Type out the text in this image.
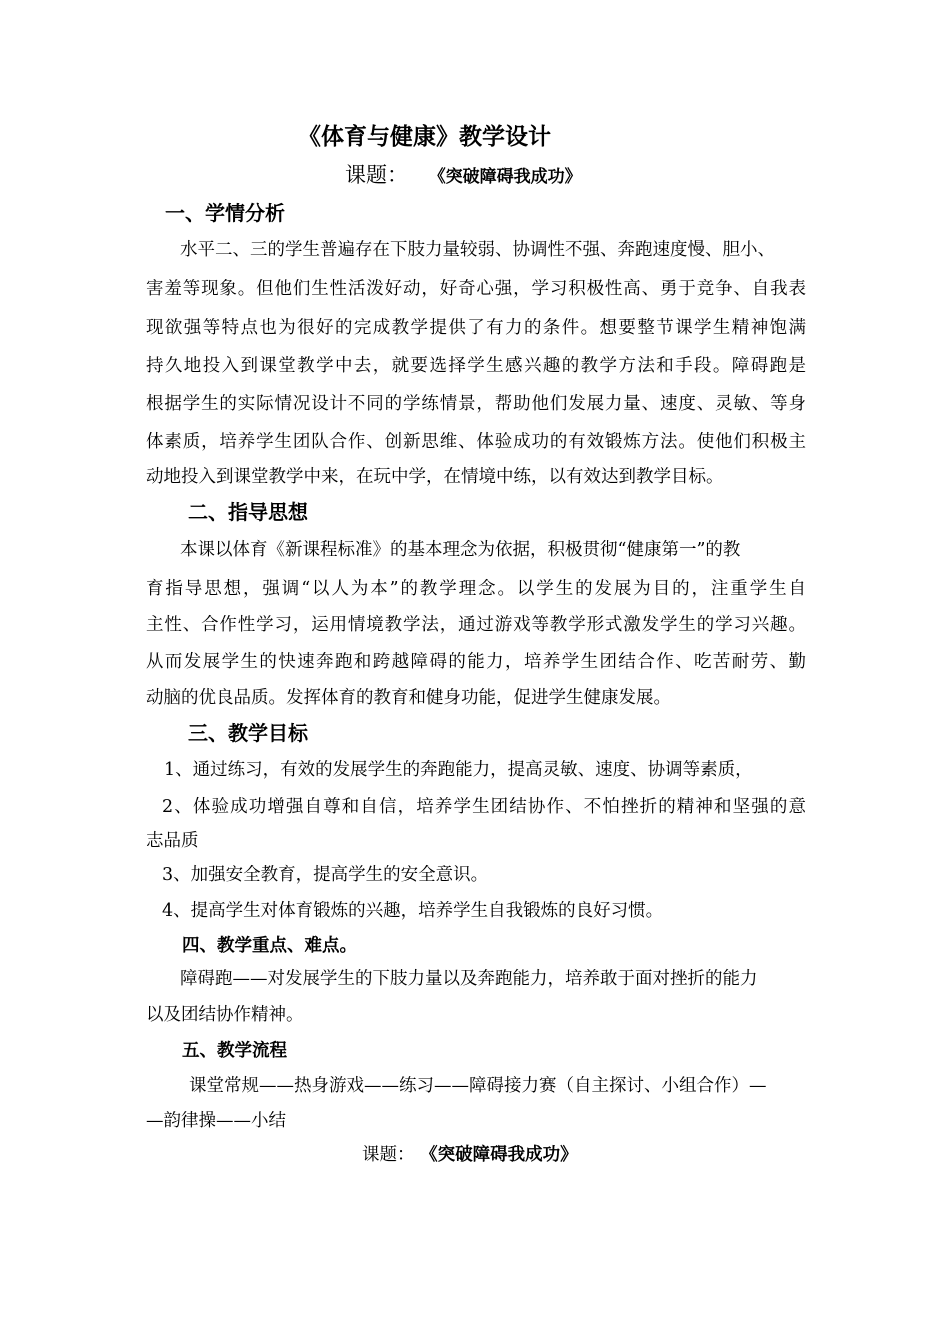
《体育与健康》教学设计
课题： 《突破障碍我成功》
一、学情分析
水平二、三的学生普遍存在下肢力量较弱、协调性不强、奔跑速度慢、胆小、
害羞等现象。但他们生性活泼好动，好奇心强，学习积极性高、勇于竞争、自我表
现欲强等特点也为很好的完成教学提供了有力的条件。想要整节课学生精神饱满
持久地投入到课堂教学中去，就要选择学生感兴趣的教学方法和手段。障碍跑是
根据学生的实际情况设计不同的学练情景，帮助他们发展力量、速度、灵敏、等身
体素质，培养学生团队合作、创新思维、体验成功的有效锻炼方法。使他们积极主
动地投入到课堂教学中来，在玩中学，在情境中练，以有效达到教学目标。
二、指导思想
本课以体育《新课程标准》的基本理念为依据，积极贯彻“健康第一”的教
育指导思想，强调“以人为本”的教学理念。以学生的发展为目的，注重学生自
主性、合作性学习，运用情境教学法，通过游戏等教学形式激发学生的学习兴趣。
从而发展学生的快速奔跑和跨越障碍的能力，培养学生团结合作、吃苦耐劳、勤
动脑的优良品质。发挥体育的教育和健身功能，促进学生健康发展。
三、教学目标
1、通过练习，有效的发展学生的奔跑能力，提高灵敏、速度、协调等素质，
2、体验成功增强自尊和自信，培养学生团结协作、不怕挫折的精神和坚强的意
志品质
3、加强安全教育，提高学生的安全意识。
4、提高学生对体育锻炼的兴趣，培养学生自我锻炼的良好习惯。
四、教学重点、难点。
障碍跑——对发展学生的下肢力量以及奔跑能力，培养敢于面对挫折的能力
以及团结协作精神。
五、教学流程
课堂常规——热身游戏——练习——障碍接力赛（自主探讨、小组合作）—
—韵律操——小结
课题： 《突破障碍我成功》
